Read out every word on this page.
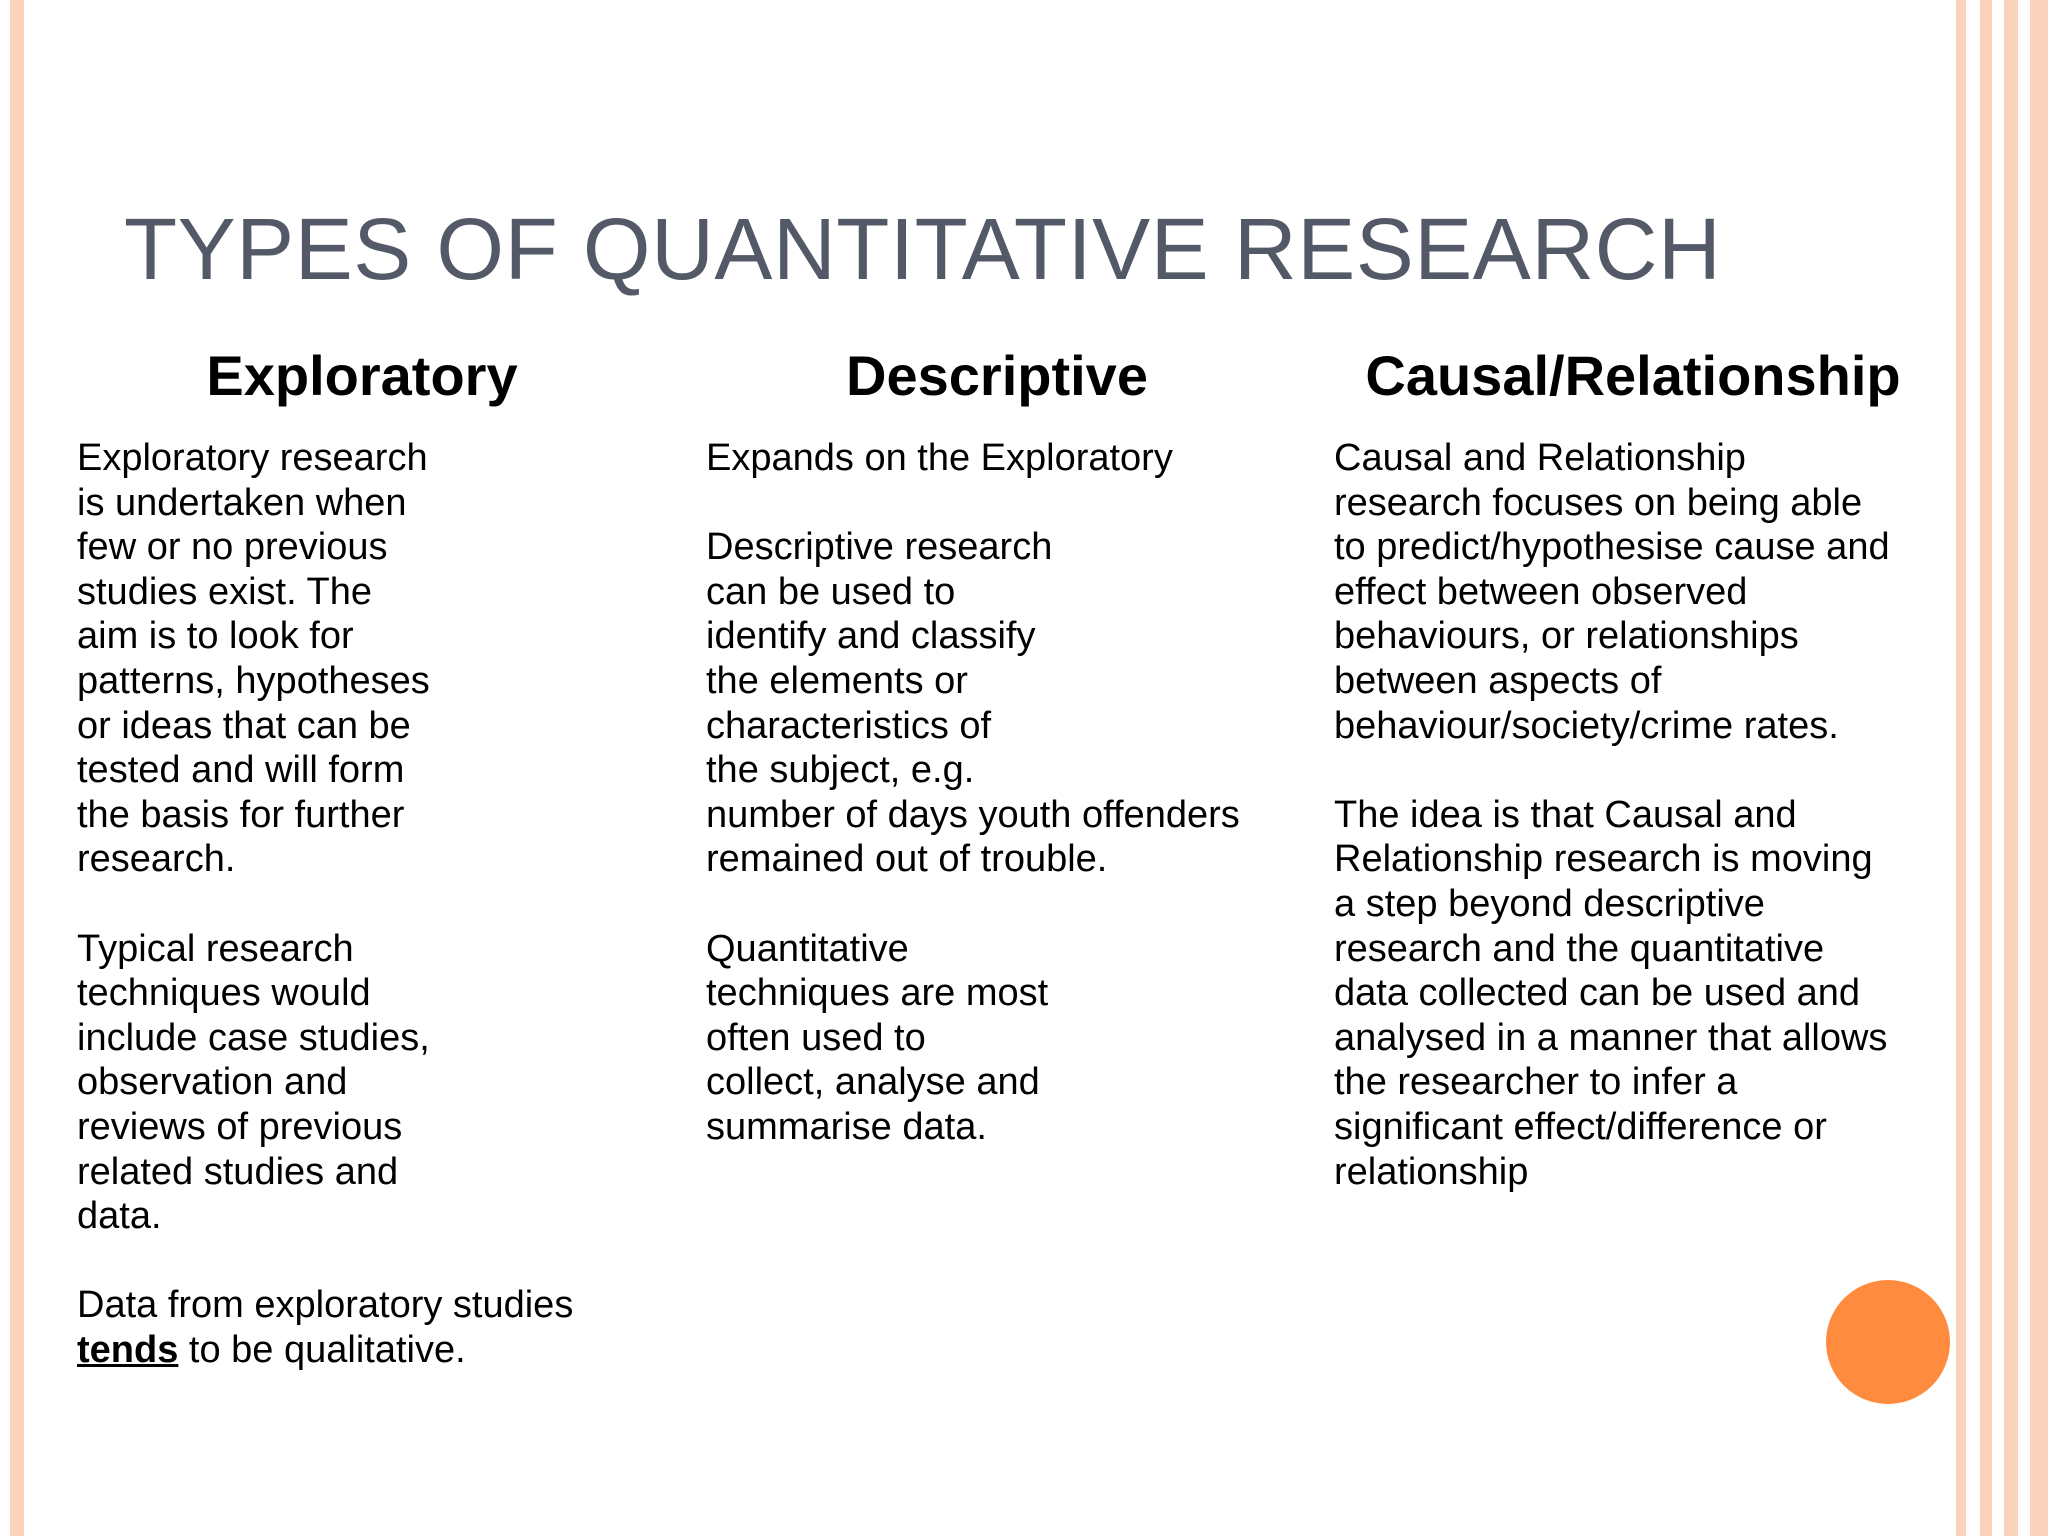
TYPES OF QUANTITATIVE RESEARCH
Exploratory

Exploratory research
is undertaken when
few or no previous
studies exist. The
aim is to look for
patterns, hypotheses
or ideas that can be
tested and will form
the basis for further
research.

Typical research
techniques would
include case studies,
observation and
reviews of previous
related studies and
data.

Data from exploratory studies
tends to be qualitative.

Descriptive

Expands on the Exploratory

Descriptive research
can be used to
identify and classify
the elements or
characteristics of
the subject, e.g.
number of days youth offenders
remained out of trouble.

Quantitative
techniques are most
often used to
collect, analyse and
summarise data.

Causal/Relationship

Causal and Relationship
research focuses on being able
to predict/hypothesise cause and
effect between observed
behaviours, or relationships
between aspects of
behaviour/society/crime rates.

The idea is that Causal and
Relationship research is moving
a step beyond descriptive
research and the quantitative
data collected can be used and
analysed in a manner that allows
the researcher to infer a
significant effect/difference or
relationship
